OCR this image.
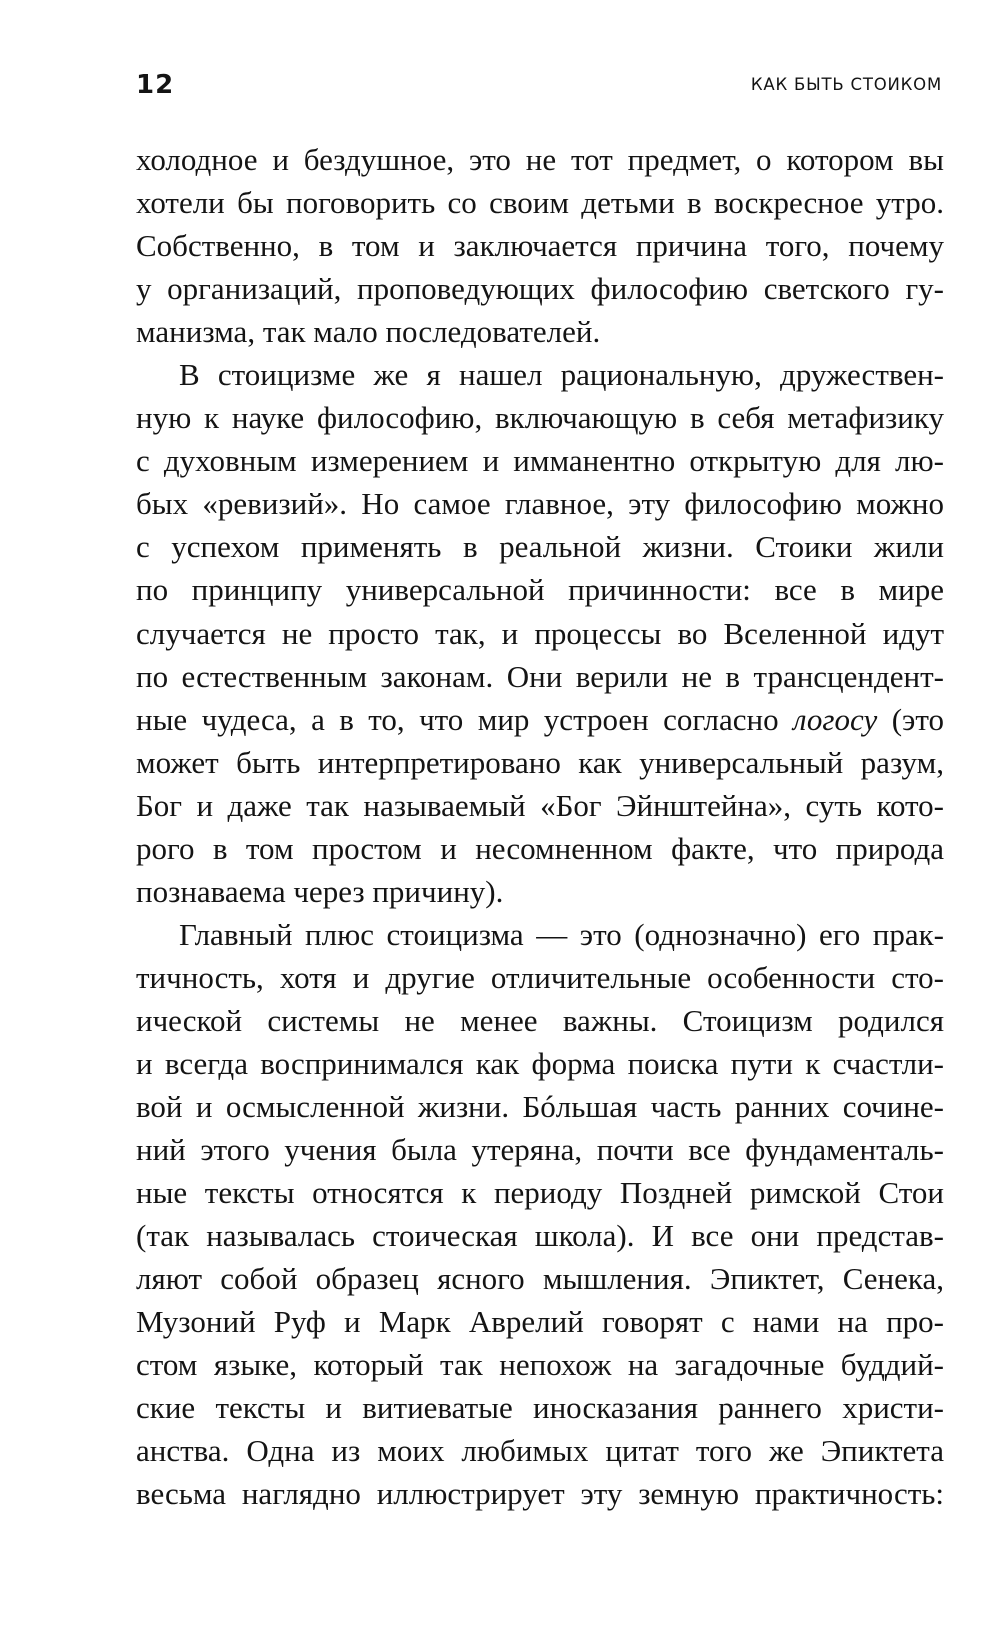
12	КАК БЫТЬ СТОИКОМ
холодное и бездушное, это не тот предмет, о котором вы
хотели бы поговорить со своим детьми в воскресное утро.
Собственно, в том и заключается причина того, почему
у организаций, проповедующих философию светского гу-
манизма, так мало последователей.
В стоицизме же я нашел рациональную, дружествен-
ную к науке философию, включающую в себя метафизику
с духовным измерением и имманентно открытую для лю-
бых «ревизий». Но самое главное, эту философию можно
с успехом применять в реальной жизни. Стоики жили
по принципу универсальной причинности: все в мире
случается не просто так, и процессы во Вселенной идут
по естественным законам. Они верили не в трансцендент-
ные чудеса, а в то, что мир устроен согласно логосу (это
может быть интерпретировано как универсальный разум,
Бог и даже так называемый «Бог Эйнштейна», суть кото-
рого в том простом и несомненном факте, что природа
познаваема через причину).
Главный плюс стоицизма — это (однозначно) его прак-
тичность, хотя и другие отличительные особенности сто-
ической системы не менее важны. Стоицизм родился
и всегда воспринимался как форма поиска пути к счастли-
вой и осмысленной жизни. Бóльшая часть ранних сочине-
ний этого учения была утеряна, почти все фундаменталь-
ные тексты относятся к периоду Поздней римской Стои
(так называлась стоическая школа). И все они представ-
ляют собой образец ясного мышления. Эпиктет, Сенека,
Музоний Руф и Марк Аврелий говорят с нами на про-
стом языке, который так непохож на загадочные буддий-
ские тексты и витиеватые иносказания раннего христи-
анства. Одна из моих любимых цитат того же Эпиктета
весьма наглядно иллюстрирует эту земную практичность:
